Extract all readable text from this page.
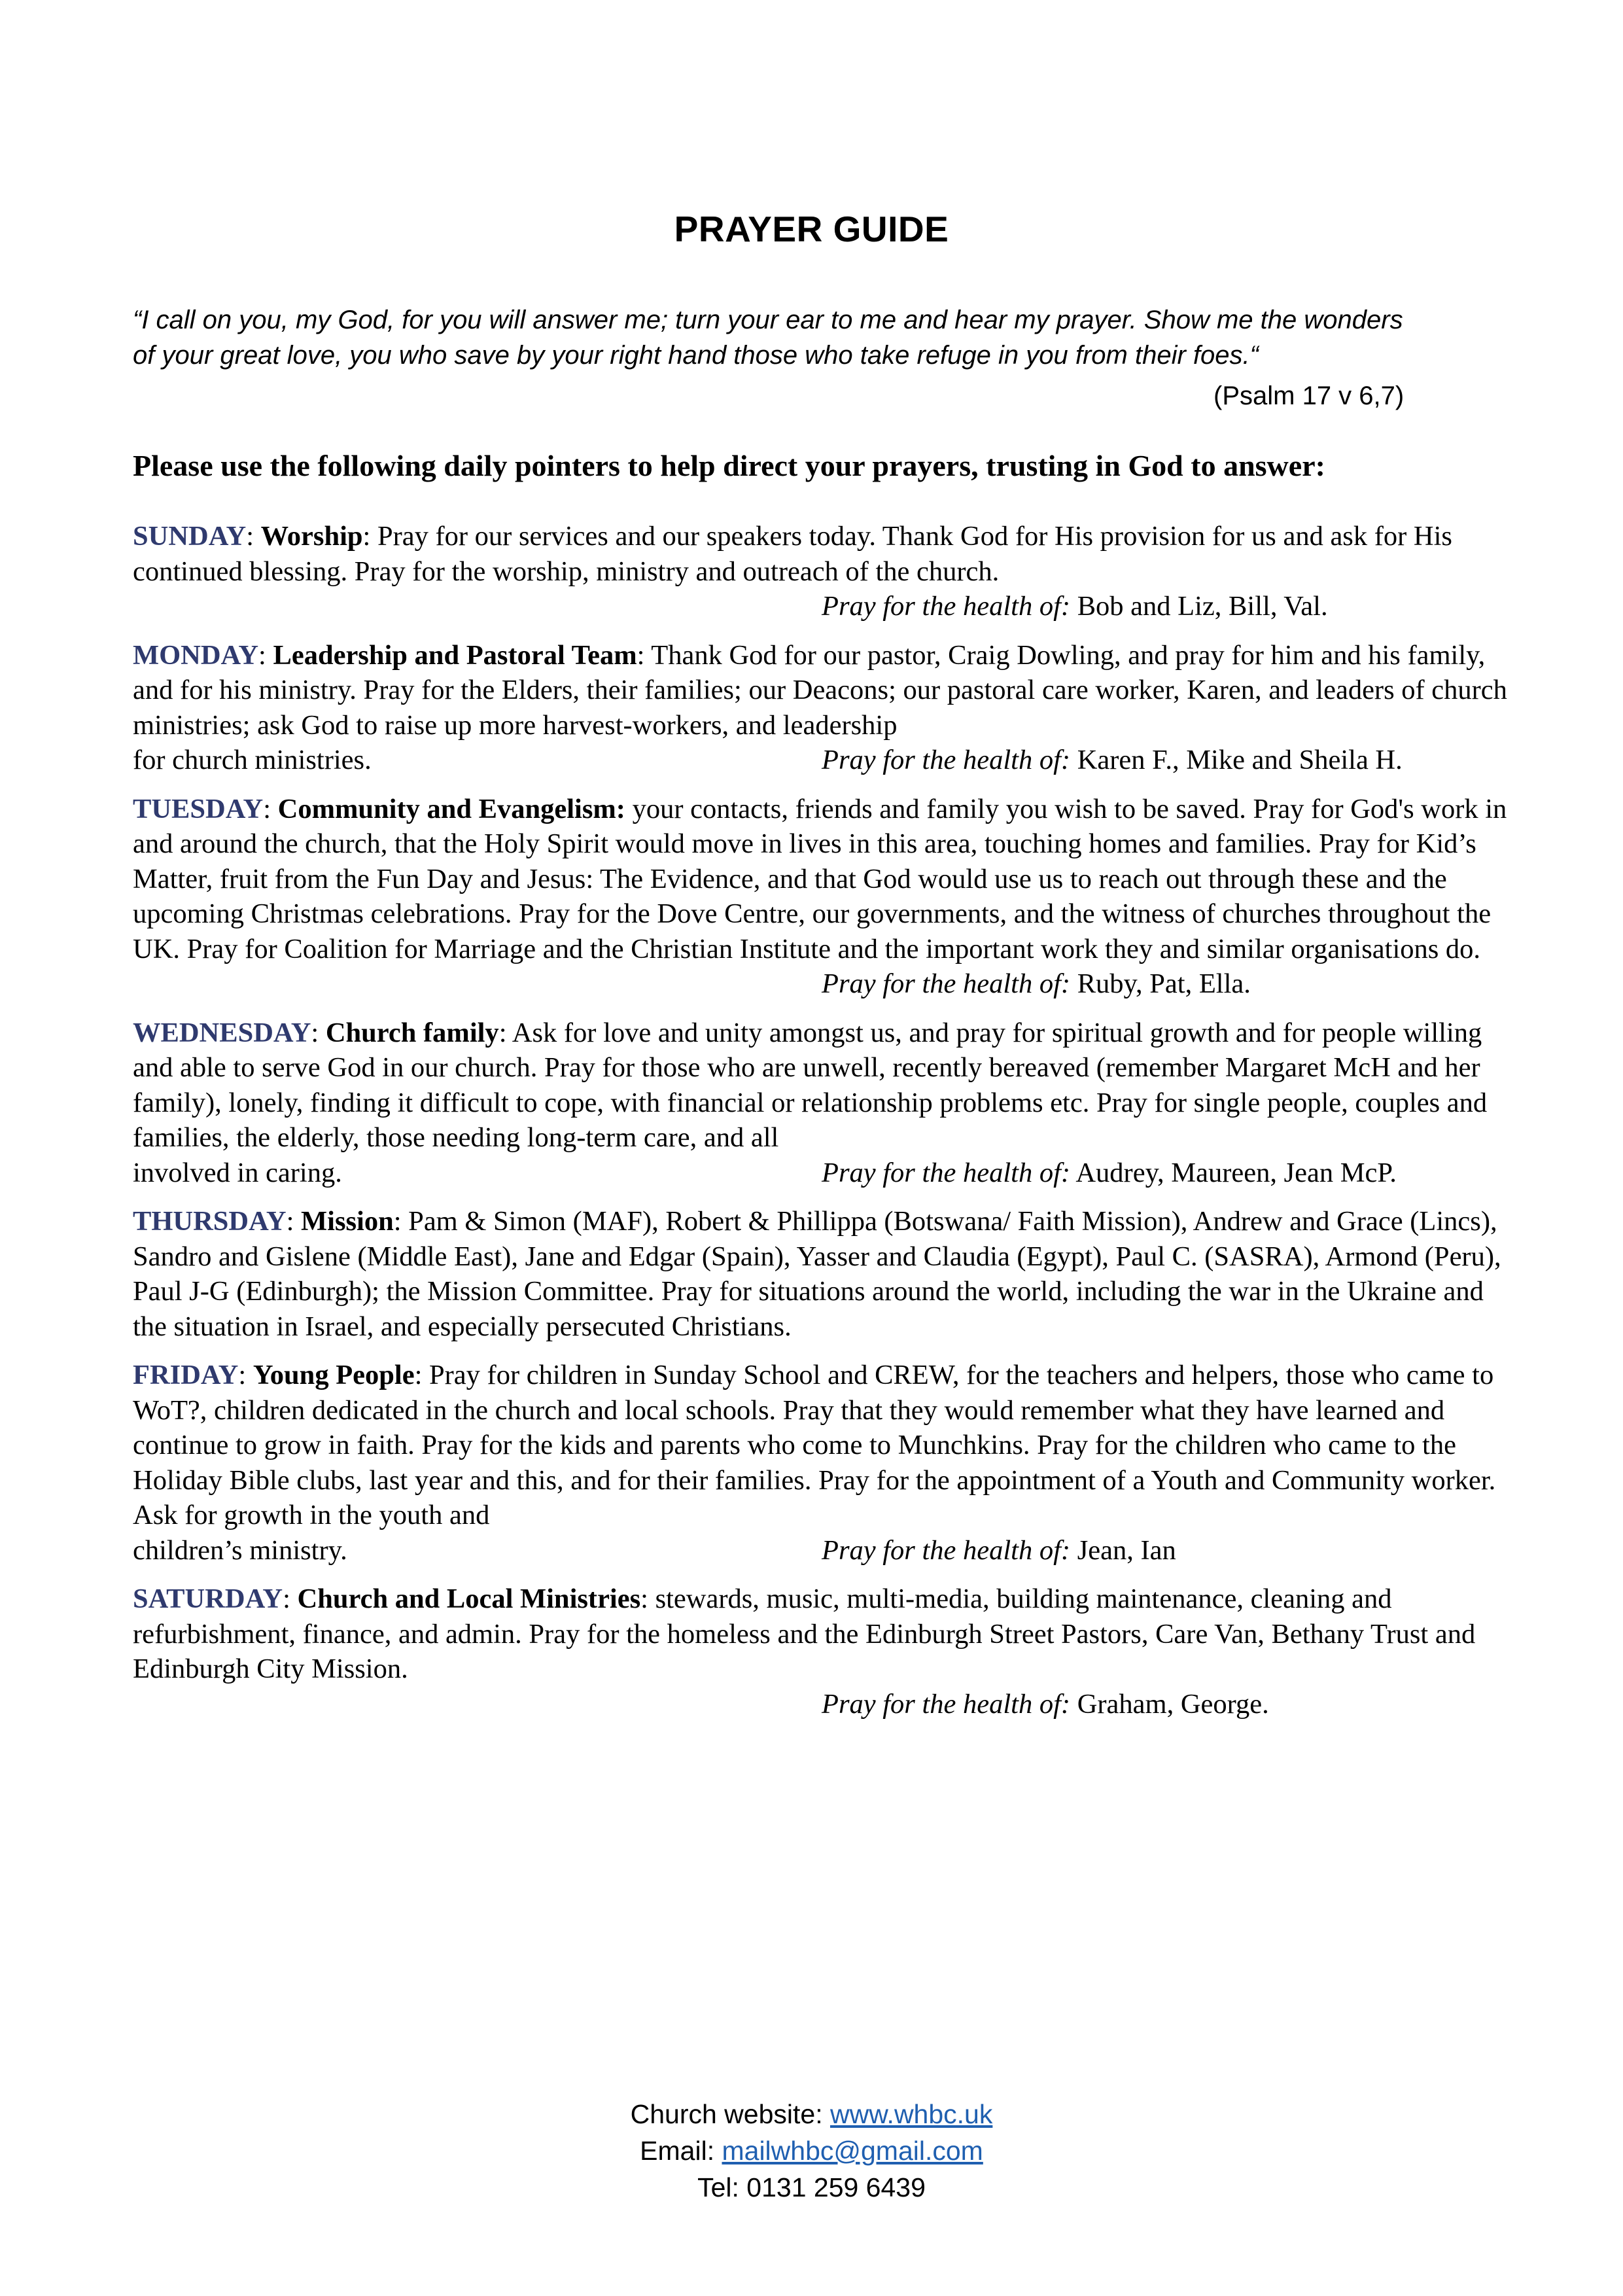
PRAYER GUIDE
“I call on you, my God, for you will answer me; turn your ear to me and hear my prayer. Show me the wonders
of your great love, you who save by your right hand those who take refuge in you from their foes.“
(Psalm 17 v 6,7)
Please use the following daily pointers to help direct your prayers, trusting in God to answer:
SUNDAY: Worship: Pray for our services and our speakers today. Thank God for His provision for us and ask for His continued blessing. Pray for the worship, ministry and outreach of the church.
Pray for the health of: Bob and Liz, Bill, Val.
MONDAY: Leadership and Pastoral Team: Thank God for our pastor, Craig Dowling, and pray for him and his family, and for his ministry. Pray for the Elders, their families; our Deacons; our pastoral care worker, Karen, and leaders of church ministries; ask God to raise up more harvest-workers, and leadership
for church ministries.	Pray for the health of: Karen F., Mike and Sheila H.
TUESDAY: Community and Evangelism: your contacts, friends and family you wish to be saved. Pray for God's work in and around the church, that the Holy Spirit would move in lives in this area, touching homes and families. Pray for Kid’s Matter, fruit from the Fun Day and Jesus: The Evidence, and that God would use us to reach out through these and the upcoming Christmas celebrations. Pray for the Dove Centre, our governments, and the witness of churches throughout the UK. Pray for Coalition for Marriage and the Christian Institute and the important work they and similar organisations do.
Pray for the health of: Ruby, Pat, Ella.
WEDNESDAY: Church family: Ask for love and unity amongst us, and pray for spiritual growth and for people willing and able to serve God in our church. Pray for those who are unwell, recently bereaved (remember Margaret McH and her family), lonely, finding it difficult to cope, with financial or relationship problems etc. Pray for single people, couples and families, the elderly, those needing long-term care, and all
involved in caring.	Pray for the health of: Audrey, Maureen, Jean McP.
THURSDAY: Mission: Pam & Simon (MAF), Robert & Phillippa (Botswana/ Faith Mission), Andrew and Grace (Lincs), Sandro and Gislene (Middle East), Jane and Edgar (Spain), Yasser and Claudia (Egypt), Paul C. (SASRA), Armond (Peru), Paul J-G (Edinburgh); the Mission Committee. Pray for situations around the world, including the war in the Ukraine and the situation in Israel, and especially persecuted Christians.
FRIDAY: Young People: Pray for children in Sunday School and CREW, for the teachers and helpers, those who came to WoT?, children dedicated in the church and local schools. Pray that they would remember what they have learned and continue to grow in faith. Pray for the kids and parents who come to Munchkins. Pray for the children who came to the Holiday Bible clubs, last year and this, and for their families. Pray for the appointment of a Youth and Community worker. Ask for growth in the youth and
children’s ministry.	Pray for the health of: Jean, Ian
SATURDAY: Church and Local Ministries: stewards, music, multi-media, building maintenance, cleaning and refurbishment, finance, and admin. Pray for the homeless and the Edinburgh Street Pastors, Care Van, Bethany Trust and Edinburgh City Mission.
Pray for the health of: Graham, George.
Church website: www.whbc.uk
Email: mailwhbc@gmail.com
Tel: 0131 259 6439
